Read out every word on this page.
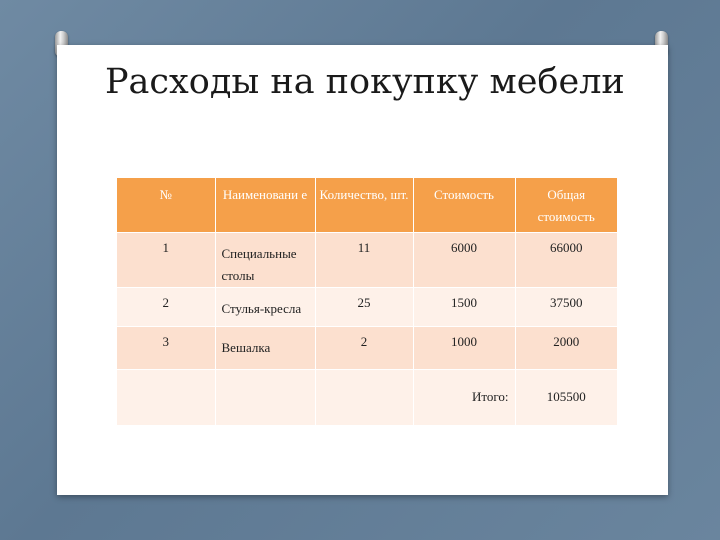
Расходы на покупку мебели
№	Наименовани е	Количество, шт.	Стоимость	Общая стоимость
1	Специальные столы	11	6000	66000
2	Стулья-кресла	25	1500	37500
3	Вешалка	2	1000	2000
			Итого:	105500
